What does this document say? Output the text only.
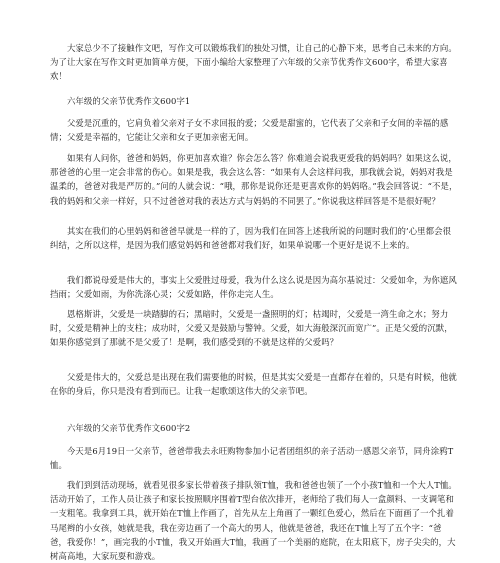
　　大家总少不了接触作文吧，写作文可以锻炼我们的独处习惯，让自己的心静下来，思考自己未来的方向。为了让大家在写作文时更加简单方便，下面小编给大家整理了六年级的父亲节优秀作文600字，希望大家喜欢！

　　六年级的父亲节优秀作文600字1

　　父爱是沉重的，它肩负着父亲对子女不求回报的爱；父爱是甜蜜的，它代表了父亲和子女间的幸福的感情；父爱是幸福的，它能让父亲和女子更加亲密无间。

　　如果有人问你，爸爸和妈妈，你更加喜欢谁？你会怎么答？你难道会说我更爱我的妈妈吗？如果这么说，那爸爸的心里一定会非常的伤心。如果是我，我会这么答：“如果有人会这样问我，那我就会说，妈妈对我是温柔的，爸爸对我是严厉的。”问的人就会说：“哦，那你是说你还是更喜欢你的妈妈咯。”我会回答说：“不是，我的妈妈和父亲一样好，只不过爸爸对我的表达方式与妈妈的不同罢了。”你说我这样回答是不是很好呢？

　　其实在我们的心里妈妈和爸爸早就是一样的了，因为我们在回答上述我所说的问题时我们的’心里都会很纠结，之所以这样，是因为我们感觉妈妈和爸爸都对我们好，如果单说哪一个更好是说不上来的。

　　我们都说母爱是伟大的，事实上父爱胜过母爱，我为什么这么说是因为高尔基说过：父爱如伞，为你遮风挡雨；父爱如雨，为你洗涤心灵；父爱如路，伴你走完人生。

　　恩格斯讲，父爱是一块踏脚的石；黑暗时，父爱是一盏照明的灯；枯竭时，父爱是一湾生命之水；努力时，父爱是精神上的支柱；成功时，父爱又是鼓励与警钟。父爱，如大海般深沉而宽广”。正是父爱的沉默，如果你感觉到了那就不是父爱了！是啊，我们感受到的不就是这样的父爱吗？

　　父爱是伟大的，父爱总是出现在我们需要他的时候，但是其实父爱是一直都存在着的，只是有时候，他就在你的身后，你只是没有看到而已。让我一起歌颂这伟大的父亲节吧。

　　六年级的父亲节优秀作文600字2

　　今天是6月19日一父亲节，爸爸带我去永旺购物参加小记者团组织的亲子活动一感恩父亲节，同舟涂鸦T恤。

　　我们到到活动现场，就看见很多家长带着孩子排队领T恤，我和爸爸也领了一个小孩T恤和一个大人T恤。活动开始了，工作人员让孩子和家长按照顺序围着T型台依次排开，老师给了我们每人一盒颜料、一支调笔和一支粗笔。我拿到工具，就开始在T恤上作画了，首先从左上角画了一颗红色爱心，然后在下面画了一个扎着马尾辫的小女孩，她就是我，我在旁边画了一个高大的男人，他就是爸爸，我还在T恤上写了五个字：“爸爸，我爱你！”，画完我的小T恤，我又开始画大T恤，我画了一个美丽的庭院，在太阳底下，房子尖尖的，大树高高地，大家玩耍和游戏。
